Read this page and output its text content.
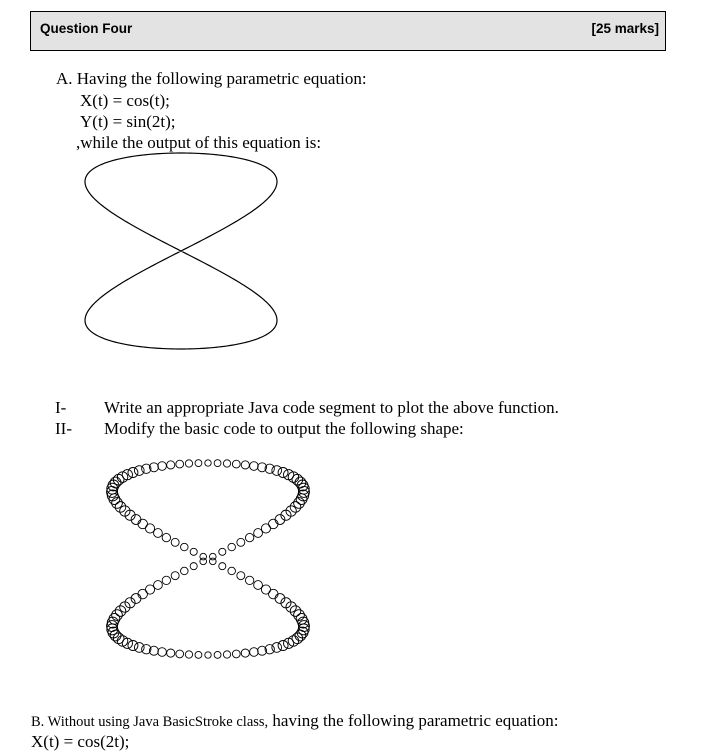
Question Four	[25 marks]
A. Having the following parametric equation:
X(t) = cos(t);
Y(t) = sin(2t);
,while the output of this equation is:
I- Write an appropriate Java code segment to plot the above function.
II- Modify the basic code to output the following shape:
B. Without using Java BasicStroke class, having the following parametric equation:
X(t) = cos(2t);
